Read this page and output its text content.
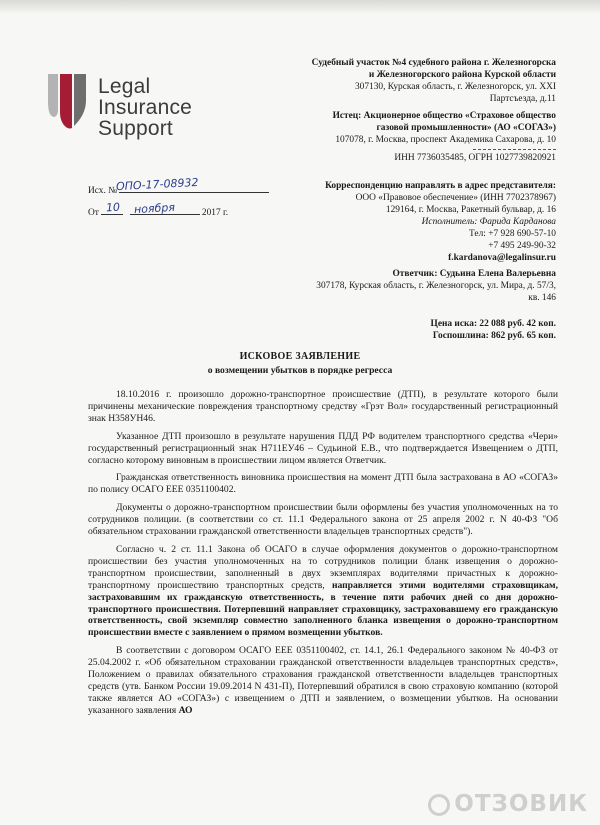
Legal
Insurance
Support
Судебный участок №4 судебного района г. Железногорска
и Железногорского района Курской области
307130, Курская область, г. Железногорск, ул. XXI
Партсъезда, д.11
Истец: Акционерное общество «Страховое общество
газовой промышленности» (АО «СОГАЗ»)
107078, г. Москва, проспект Академика Сахарова, д. 10
ИНН 7736035485, ОГРН 1027739820921
Корреспонденцию направлять в адрес представителя:
ООО «Правовое обеспечение» (ИНН 7702378967)
129164, г. Москва, Ракетный бульвар, д. 16
Исполнитель: Фарида Карданова
Тел: +7 928 690-57-10
+7 495 249-90-32
f.kardanova@legalinsur.ru
Ответчик: Судьина Елена Валерьевна
307178, Курская область, г. Железногорск, ул. Мира, д. 57/3,
кв. 146
Цена иска: 22 088 руб. 42 коп.
Госпошлина: 862 руб. 65 коп.
Исх. №
ОПО-17-08932
От	2017 г.
10 ноября
ИСКОВОЕ ЗАЯВЛЕНИЕ
о возмещении убытков в порядке регресса

18.10.2016 г. произошло дорожно-транспортное происшествие (ДТП), в результате которого были причинены механические повреждения транспортному средству «Грэт Вол» государственный регистрационный знак Н358УН46.

Указанное ДТП произошло в результате нарушения ПДД РФ водителем транспортного средства «Чери» государственный регистрационный знак Н711ЕУ46 – Судьиной Е.В., что подтверждается Извещением о ДТП, согласно которому виновным в происшествии лицом является Ответчик.

Гражданская ответственность виновника происшествия на момент ДТП была застрахована в АО «СОГАЗ» по полису ОСАГО ЕЕЕ 0351100402.

Документы о дорожно-транспортном происшествии были оформлены без участия уполномоченных на то сотрудников полиции. (в соответствии со ст. 11.1 Федерального закона от 25 апреля 2002 г. N 40-ФЗ "Об обязательном страховании гражданской ответственности владельцев транспортных средств").

Согласно ч. 2 ст. 11.1 Закона об ОСАГО в случае оформления документов о дорожно-транспортном происшествии без участия уполномоченных на то сотрудников полиции бланк извещения о дорожно-транспортном происшествии, заполненный в двух экземплярах водителями причастных к дорожно-транспортному происшествию транспортных средств, направляется этими водителями страховщикам, застраховавшим их гражданскую ответственность, в течение пяти рабочих дней со дня дорожно-транспортного происшествия. Потерпевший направляет страховщику, застраховавшему его гражданскую ответственность, свой экземпляр совместно заполненного бланка извещения о дорожно-транспортном происшествии вместе с заявлением о прямом возмещении убытков.

В соответствии с договором ОСАГО ЕЕЕ 0351100402, ст. 14.1, 26.1 Федерального законом № 40-ФЗ от 25.04.2002 г. «Об обязательном страховании гражданской ответственности владельцев транспортных средств», Положением о правилах обязательного страхования гражданской ответственности владельцев транспортных средств (утв. Банком России 19.09.2014 N 431-П), Потерпевший обратился в свою страховую компанию (которой также является АО «СОГАЗ») с извещением о ДТП и заявлением, о возмещении убытков. На основании указанного заявления АО

ОТЗОВИК
